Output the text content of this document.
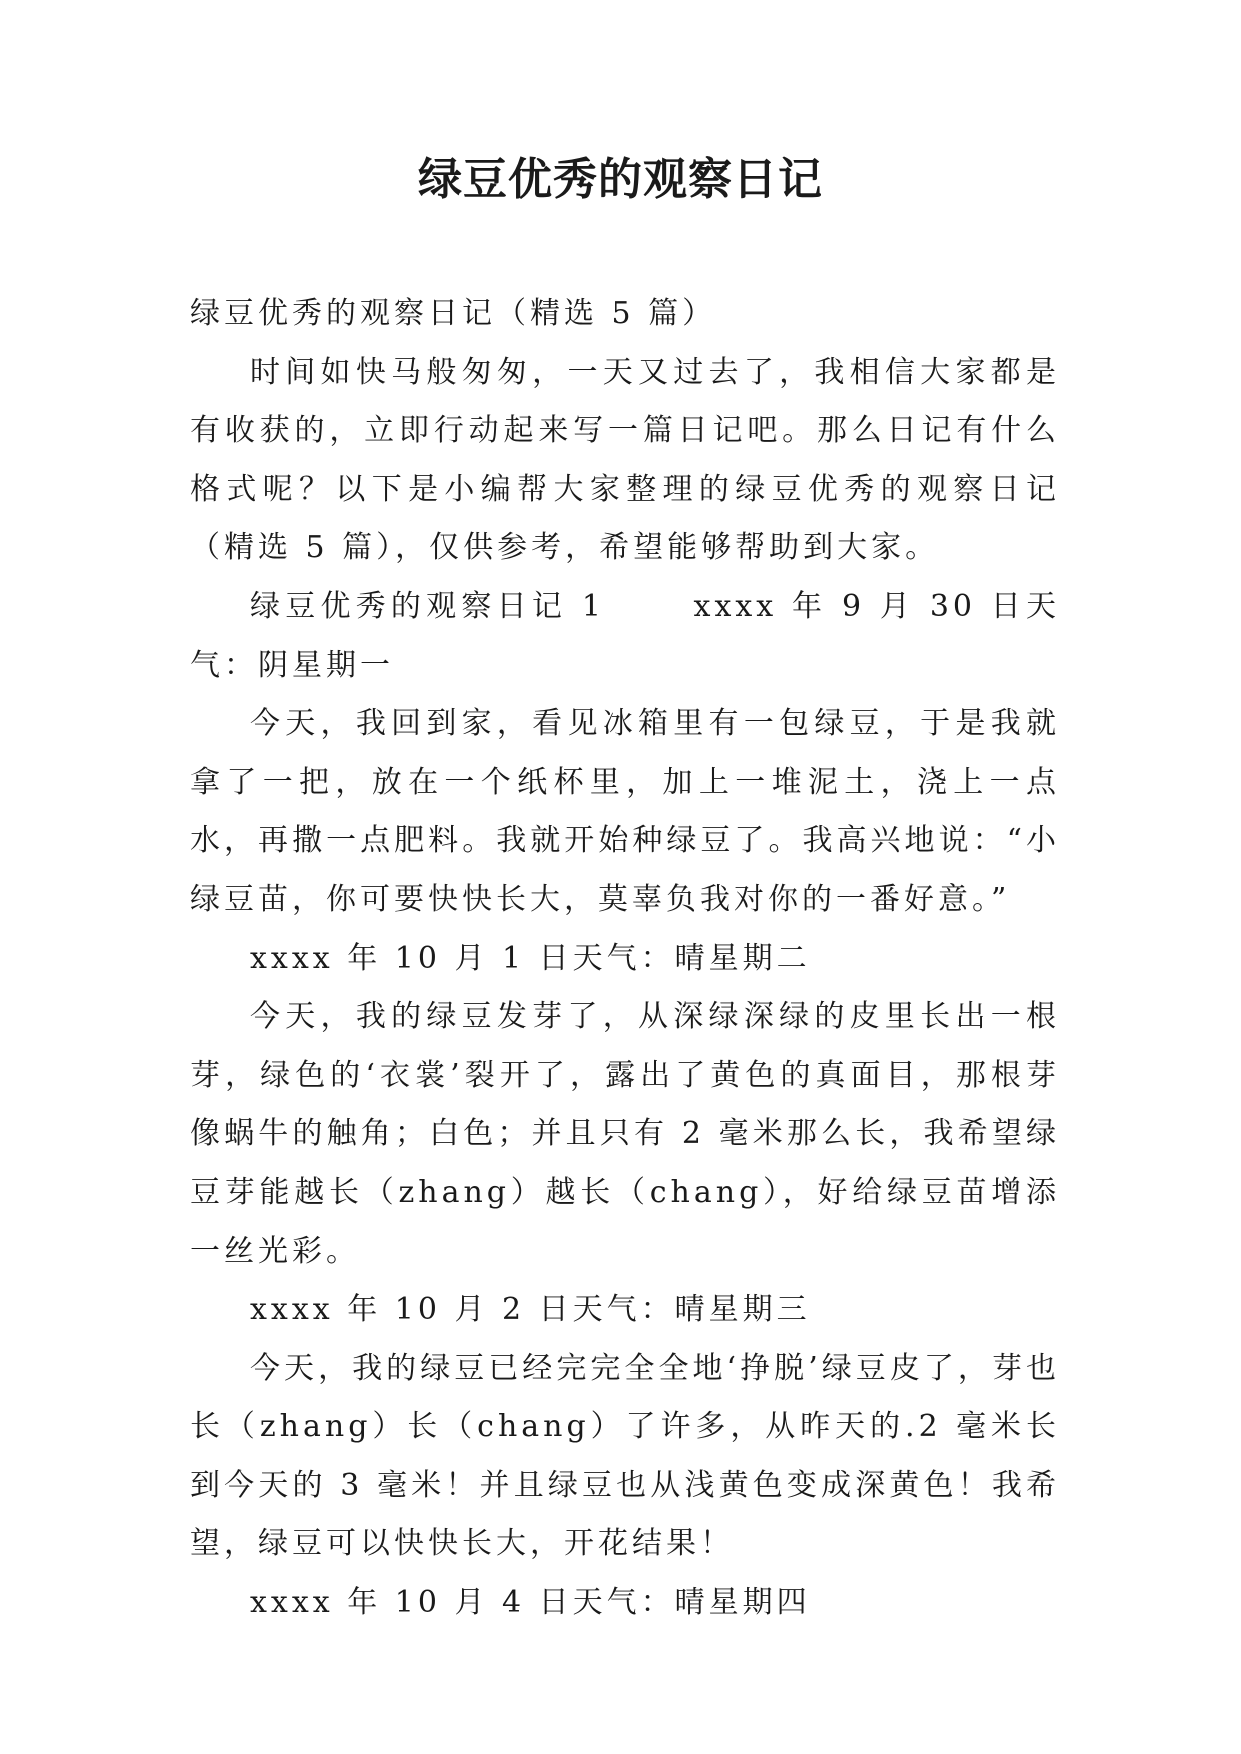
绿豆优秀的观察日记

绿豆优秀的观察日记（精选 5 篇）

时间如快马般匆匆，一天又过去了，我相信大家都是有收获的，立即行动起来写一篇日记吧。那么日记有什么格式呢？以下是小编帮大家整理的绿豆优秀的观察日记（精选 5 篇），仅供参考，希望能够帮助到大家。

绿豆优秀的观察日记 1	xxxx 年 9 月 30 日天气：阴星期一

今天，我回到家，看见冰箱里有一包绿豆，于是我就拿了一把，放在一个纸杯里，加上一堆泥土，浇上一点水，再撒一点肥料。我就开始种绿豆了。我高兴地说：“小绿豆苗，你可要快快长大，莫辜负我对你的一番好意。”

xxxx 年 10 月 1 日天气：晴星期二

今天，我的绿豆发芽了，从深绿深绿的皮里长出一根芽，绿色的‘衣裳’裂开了，露出了黄色的真面目，那根芽像蜗牛的触角；白色；并且只有 2 毫米那么长，我希望绿豆芽能越长（zhang）越长（chang），好给绿豆苗增添一丝光彩。

xxxx 年 10 月 2 日天气：晴星期三

今天，我的绿豆已经完完全全地‘挣脱’绿豆皮了，芽也长（zhang）长（chang）了许多，从昨天的.2 毫米长到今天的 3 毫米！并且绿豆也从浅黄色变成深黄色！我希望，绿豆可以快快长大，开花结果！

xxxx 年 10 月 4 日天气：晴星期四
